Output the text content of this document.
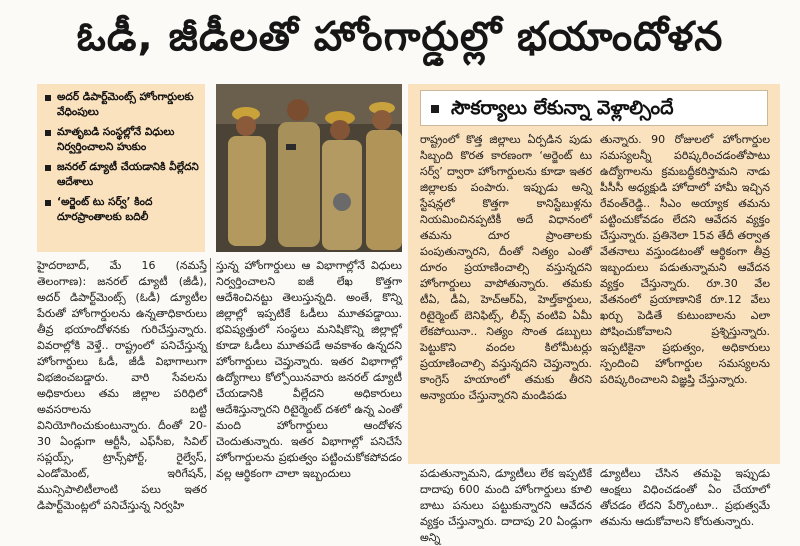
ఓడీ, జీడీలతో హోంగార్డుల్లో భయాందోళన
అదర్ డిపార్ట్‌మెంట్స్ హోంగార్డులకు వేధింపులు
మాతృబడి సంస్థల్లోనే విధులు నిర్వర్తించాలని హుకుం
జనరల్ డ్యూటీ చేయడానికి వీల్లేదని ఆదేశాలు
‘అర్జెంట్ టు సర్వ్’ కింద దూరప్రాంతాలకు బదిలీ
సౌకర్యాలు లేకున్నా వెళ్లాల్సిందే

హైదరాబాద్, మే 16 (నమస్తే తెలంగాణ): జనరల్ డ్యూటీ (జీడీ), అదర్ డిపార్ట్‌మెంట్స్ (ఓడీ) డ్యూటీల పేరుతో హోంగార్డులను ఉన్నతాధికారులు తీవ్ర భయాందోళనకు గురిచేస్తున్నారు. వివరాల్లోకి వెళ్తే.. రాష్ట్రంలో పనిచేస్తున్న హోంగార్డులు ఓడీ, జీడీ విభాగాలుగా విభజించబడ్డారు. వారి సేవలను అధికారులు తమ జిల్లాల పరిధిలో అవసరాలను బట్టి వినియోగించుకుంటున్నారు. దీంతో 20-30 ఏండ్లుగా ఆర్టీసీ, ఎఫ్‌సీఐ, సివిల్ సప్లయ్స్, ట్రాన్స్‌ఫోర్ట్, రైల్వేస్, ఎండోమెంట్, ఇరిగేషన్, మున్సిపాలిటీలాంటి పలు ఇతర డిపార్ట్‌మెంట్లలో పనిచేస్తున్న నిర్వహి

స్తున్న హోంగార్డులు ఆ విభాగాల్లోనే విధులు నిర్వర్తించాలని ఐజీ లేఖ కొత్తగా ఆదేశించినట్టు తెలుస్తున్నది. అంతే, కొన్ని జిల్లాల్లో ఇప్పటికే ఓడీలు మూతపడ్డాయి. భవిష్యత్తులో సంస్థలు మనిషికొన్ని జిల్లాల్లో కూడా ఓడీలు మూతపడే అవకాశం ఉన్నదని హోంగార్డులు చెప్తున్నారు. ఇతర విభాగాల్లో ఉద్యోగాలు కోల్పోయినవారు జనరల్ డ్యూటీ చేయడానికి వీల్లేదని అధికారులు ఆదేశిస్తున్నారని రిటైర్మెంట్ దశలో ఉన్న ఎంతో మంది హోంగార్డులు ఆందోళన చెందుతున్నారు. ఇతర విభాగాల్లో పనిచేసే హోంగార్డులను ప్రభుత్వం పట్టించుకోకపోవడం వల్ల ఆర్థికంగా చాలా ఇబ్బందులు

రాష్ట్రంలో కొత్త జిల్లాలు ఏర్పడిన పుడు సిబ్బంది కొరత కారణంగా ‘అర్జెంట్ టు సర్వ్’ ద్వారా హోంగార్డులను కూడా ఇతర జిల్లాలకు పంపారు. ఇప్పుడు అన్ని స్టేషన్లలో కొత్తగా కానిస్టేబుళ్లను నియమించినప్పటికీ అదే విధానంలో తమను దూర ప్రాంతాలకు పంపుతున్నారని, దీంతో నిత్యం ఎంతో దూరం ప్రయాణించాల్సి వస్తున్నదని హోంగార్డులు వాపోతున్నారు. తమకు టీఏ, డీఏ, హెచ్ఆర్ఏ, హెల్త్‌కార్డులు, రిటైర్మెంట్ బెనిఫిట్స్, లీవ్స్ వంటివి ఏమీ లేకపోయినా.. నిత్యం సొంత డబ్బులు పెట్టుకొని వందల కిలోమీటర్లు ప్రయాణించాల్సి వస్తున్నదని చెప్తున్నారు. కాంగ్రెస్ హయాంలో తమకు తీరని అన్యాయం చేస్తున్నారని మండిపడు

తున్నారు. 90 రోజులలో హోంగార్డుల సమస్యలన్నీ పరిష్కరించడంతోపాటు ఉద్యోగాలను క్రమబద్ధీకరిస్తామని నాడు పీసీసీ అధ్యక్షుడి హోదాలో హామీ ఇచ్చిన రేవంత్‌రెడ్డి.. సీఎం అయ్యాక తమను పట్టించుకోవడం లేదని ఆవేదన వ్యక్తం చేస్తున్నారు. ప్రతినెలా 15వ తేదీ తర్వాత వేతనాలు వస్తుండటంతో ఆర్థికంగా తీవ్ర ఇబ్బందులు పడుతున్నామని ఆవేదన వ్యక్తం చేస్తున్నారు. రూ.30 వేల వేతనంలో ప్రయాణానికే రూ.12 వేలు ఖర్చు పెడితే కుటుంబాలను ఎలా పోషించుకోవాలని ప్రశ్నిస్తున్నారు. ఇప్పటికైనా ప్రభుత్వం, అధికారులు స్పందించి హోంగార్డుల సమస్యలను పరిష్కరించాలని విజ్ఞప్తి చేస్తున్నారు.

పడుతున్నామని, డ్యూటీలు లేక ఇప్పటికే దాదాపు 600 మంది హోంగార్డులు కూలి బాటు పనులు పట్టుకున్నారని ఆవేదన వ్యక్తం చేస్తున్నారు. దాదాపు 20 ఏండ్లుగా అన్ని

డ్యూటీలు చేసిన తమపై ఇప్పుడు ఆంక్షలు విధించడంతో ఏం చేయాలో తోచడం లేదని పేర్కొంటూ.. ప్రభుత్వమే తమను ఆదుకోవాలని కోరుతున్నారు.
